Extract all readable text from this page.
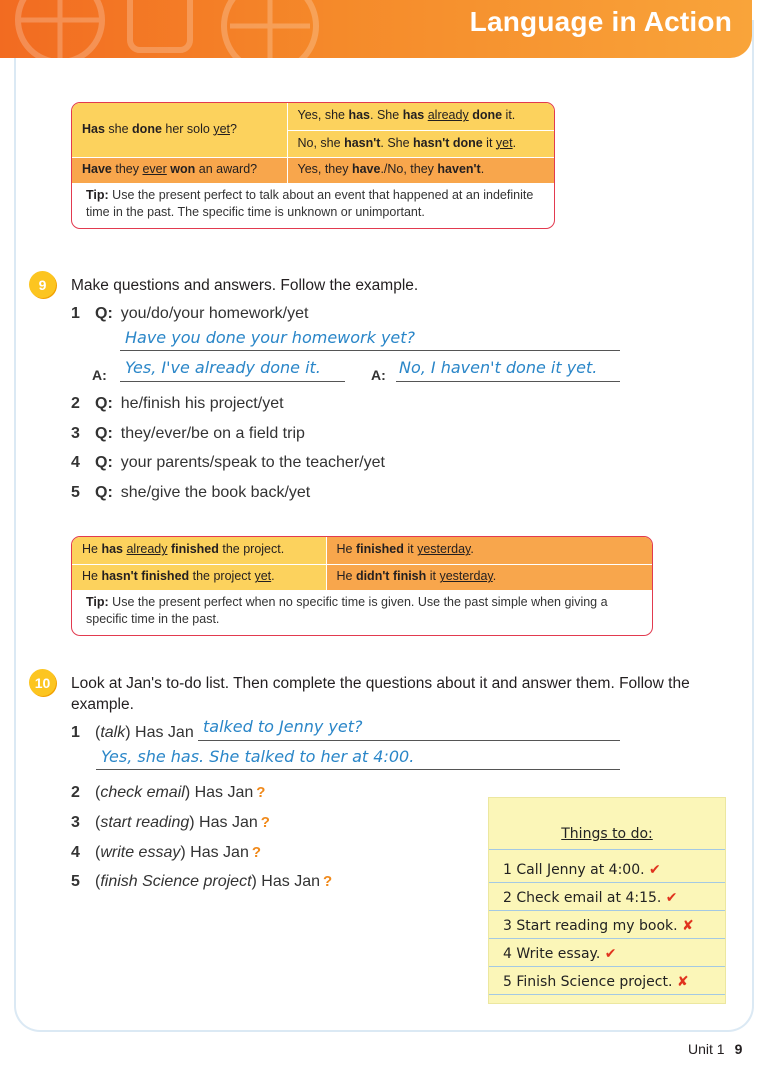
Language in Action
Has she done her solo yet?	Yes, she has. She has already done it.
	No, she hasn't. She hasn't done it yet.
Have they ever won an award?	Yes, they have./No, they haven't.
Tip: Use the present perfect to talk about an event that happened at an indefinite time in the past. The specific time is unknown or unimportant.
9	Make questions and answers. Follow the example.
1 Q: you/do/your homework/yet
Have you done your homework yet?
A: Yes, I've already done it.	A: No, I haven't done it yet.
2 Q: he/finish his project/yet
3 Q: they/ever/be on a field trip
4 Q: your parents/speak to the teacher/yet
5 Q: she/give the book back/yet
He has already finished the project.	He finished it yesterday.
He hasn't finished the project yet.	He didn't finish it yesterday.
Tip: Use the present perfect when no specific time is given. Use the past simple when giving a specific time in the past.
10	Look at Jan's to-do list. Then complete the questions about it and answer them. Follow the example.
1 (talk) Has Jan talked to Jenny yet?
Yes, she has. She talked to her at 4:00.
2 (check email) Has Jan ?
3 (start reading) Has Jan ?
4 (write essay) Has Jan ?
5 (finish Science project) Has Jan ?
Things to do:
1 Call Jenny at 4:00. ✔
2 Check email at 4:15. ✔
3 Start reading my book. ✘
4 Write essay. ✔
5 Finish Science project. ✘
Unit 1 9
